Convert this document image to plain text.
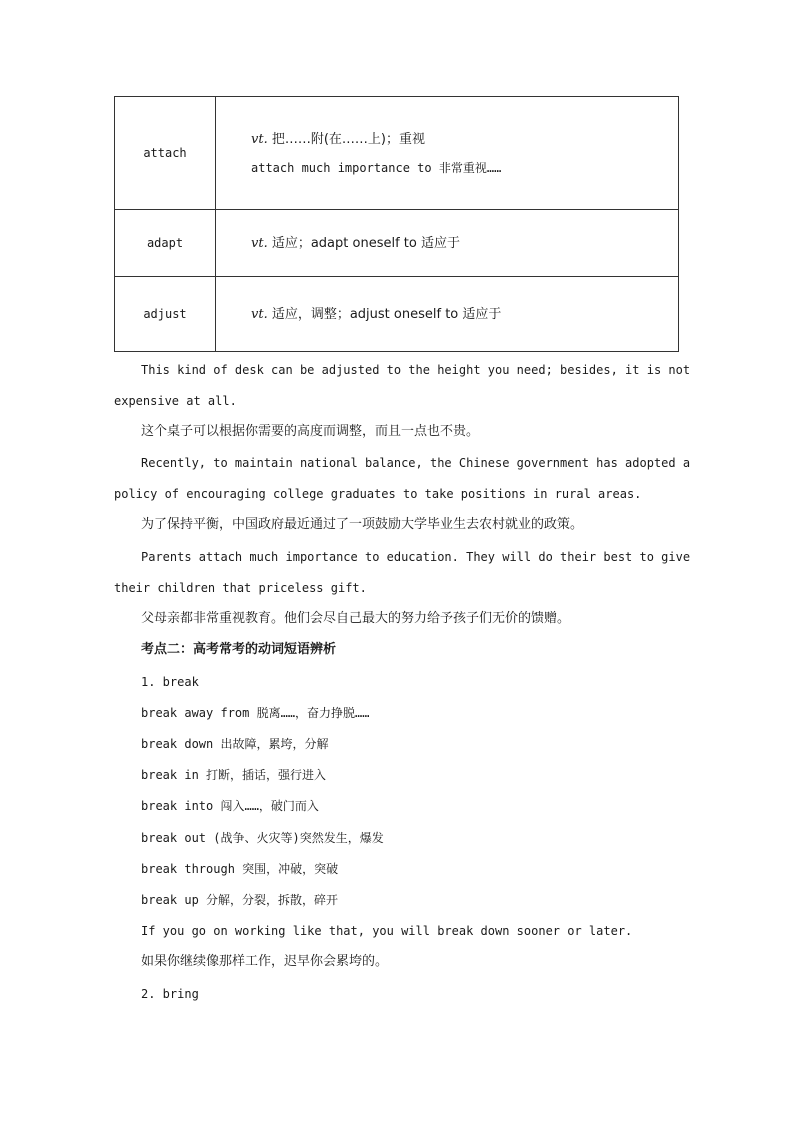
attach	vt. 把……附(在……上)；重视
attach much importance to 非常重视……

adapt	vt. 适应；adapt oneself to 适应于
adjust	vt. 适应，调整；adjust oneself to 适应于
This kind of desk can be adjusted to the height you need; besides, it is not
expensive at all.
这个桌子可以根据你需要的高度而调整，而且一点也不贵。
Recently, to maintain national balance, the Chinese government has adopted a
policy of encouraging college graduates to take positions in rural areas.
为了保持平衡，中国政府最近通过了一项鼓励大学毕业生去农村就业的政策。
Parents attach much importance to education. They will do their best to give
their children that priceless gift.
父母亲都非常重视教育。他们会尽自己最大的努力给予孩子们无价的馈赠。
考点二：高考常考的动词短语辨析
1. break
break away from 脱离……，奋力挣脱……
break down 出故障，累垮，分解
break in 打断，插话，强行进入
break into 闯入……，破门而入
break out (战争、火灾等)突然发生，爆发
break through 突围，冲破，突破
break up 分解，分裂，拆散，碎开
If you go on working like that, you will break down sooner or later.
如果你继续像那样工作，迟早你会累垮的。
2. bring
